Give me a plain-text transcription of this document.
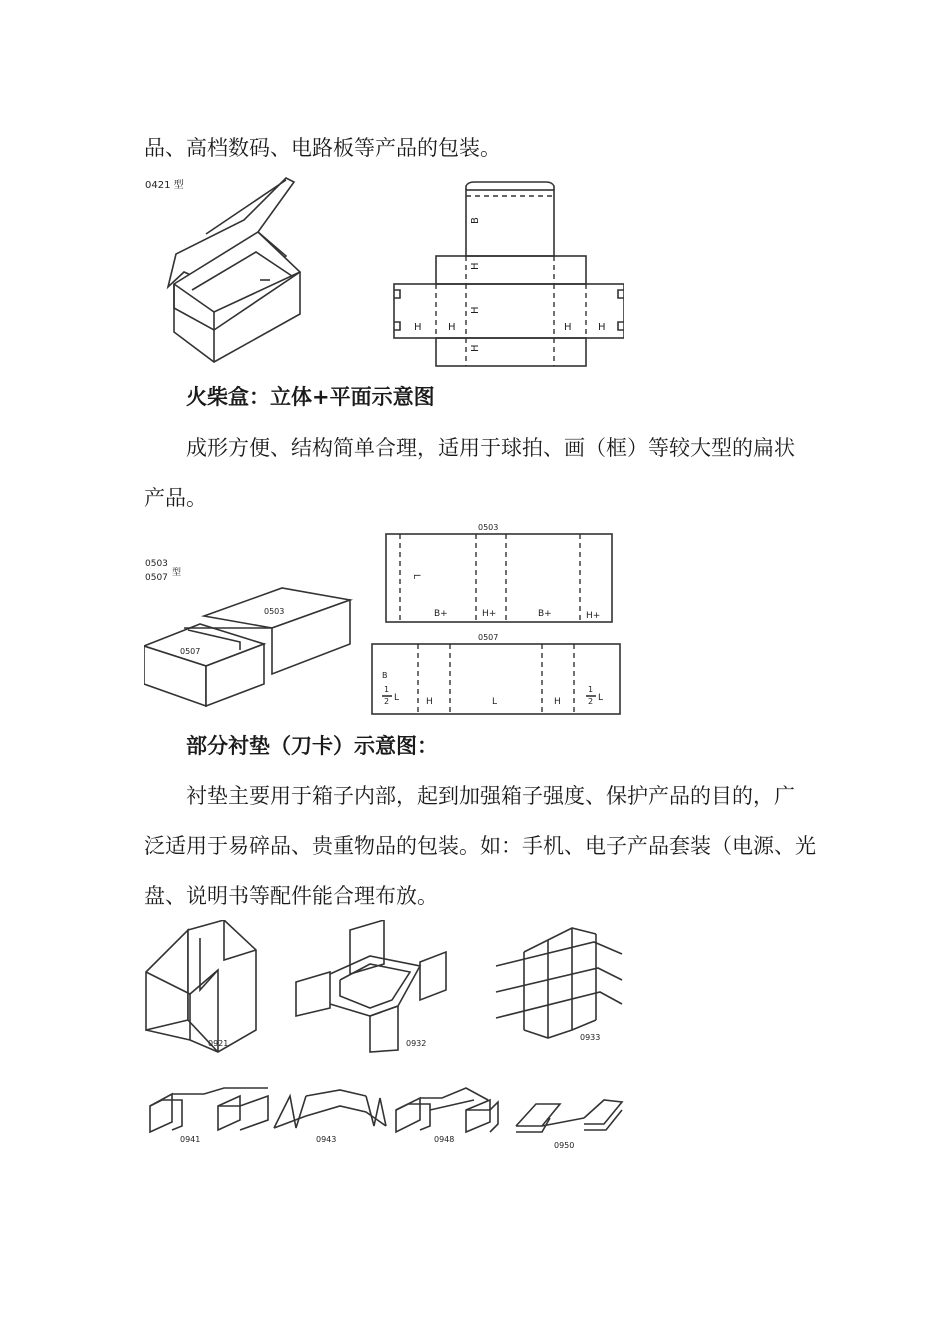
品、高档数码、电路板等产品的包装。
0421 型
B
H
H
H
H	H	H	H
火柴盒：立体+平面示意图
成形方便、结构简单合理，适用于球拍、画（框）等较大型的扁状
产品。
0503
0507 型
0503
0507
0503
L
B+	H+	B+	H+
0507
B
1
2 L	H	L	H
1
2 L
部分衬垫（刀卡）示意图：
衬垫主要用于箱子内部，起到加强箱子强度、保护产品的目的，广
泛适用于易碎品、贵重物品的包装。如：手机、电子产品套装（电源、光
盘、说明书等配件能合理布放。
0921	0932
0933
0941	0943	0948
0950
